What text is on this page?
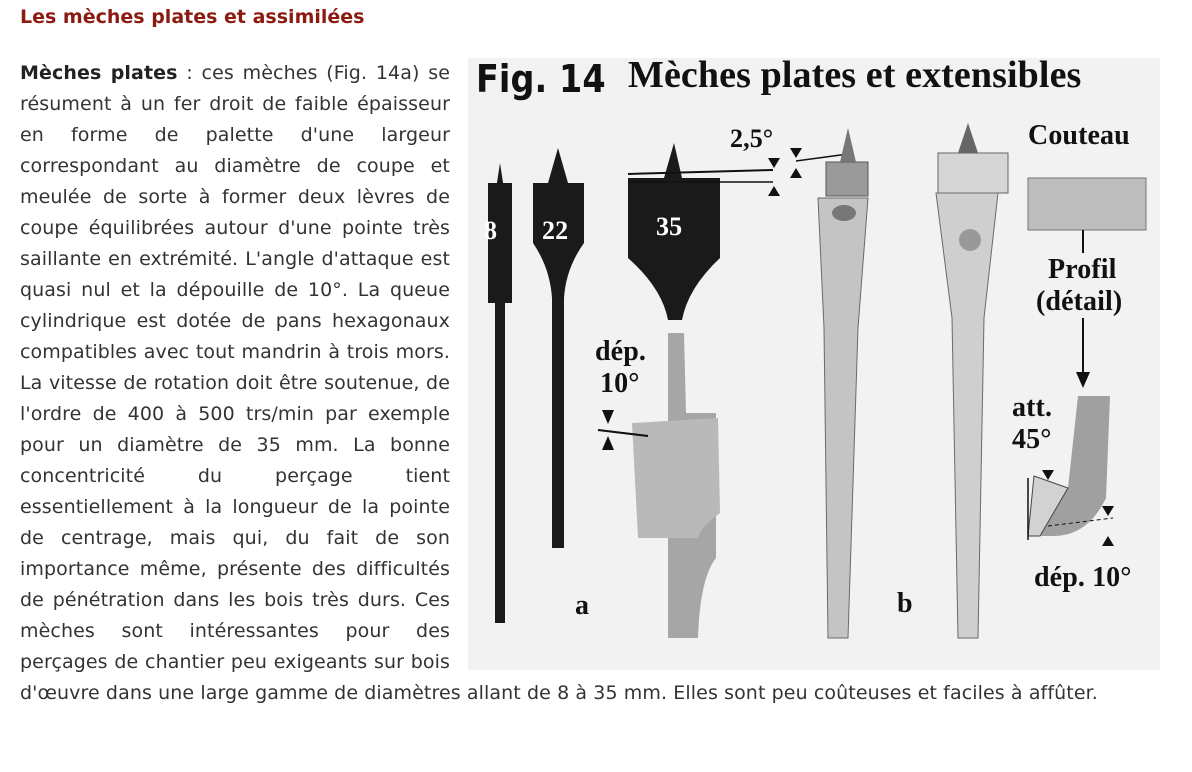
Les mèches plates et assimilées
Fig. 14 Mèches plates et extensibles
8 22	35
dép.
10°
a	b
2,5°	Couteau
Profil
(détail)
att.
45°
dép. 10°
Mèches plates : ces mèches (Fig. 14a) se résument à un fer droit de faible épaisseur en forme de palette d'une largeur correspondant au diamètre de coupe et meulée de sorte à former deux lèvres de coupe équilibrées autour d'une pointe très saillante en extrémité. L'angle d'attaque est quasi nul et la dépouille de 10°. La queue cylindrique est dotée de pans hexagonaux compatibles avec tout mandrin à trois mors. La vitesse de rotation doit être soutenue, de l'ordre de 400 à 500 trs/min par exemple pour un diamètre de 35 mm. La bonne concentricité du perçage tient essentiellement à la longueur de la pointe de centrage, mais qui, du fait de son importance même, présente des difficultés de pénétration dans les bois très durs. Ces mèches sont intéressantes pour des perçages de chantier peu exigeants sur bois d'œuvre dans une large gamme de diamètres allant de 8 à 35 mm. Elles sont peu coûteuses et faciles à affûter.
